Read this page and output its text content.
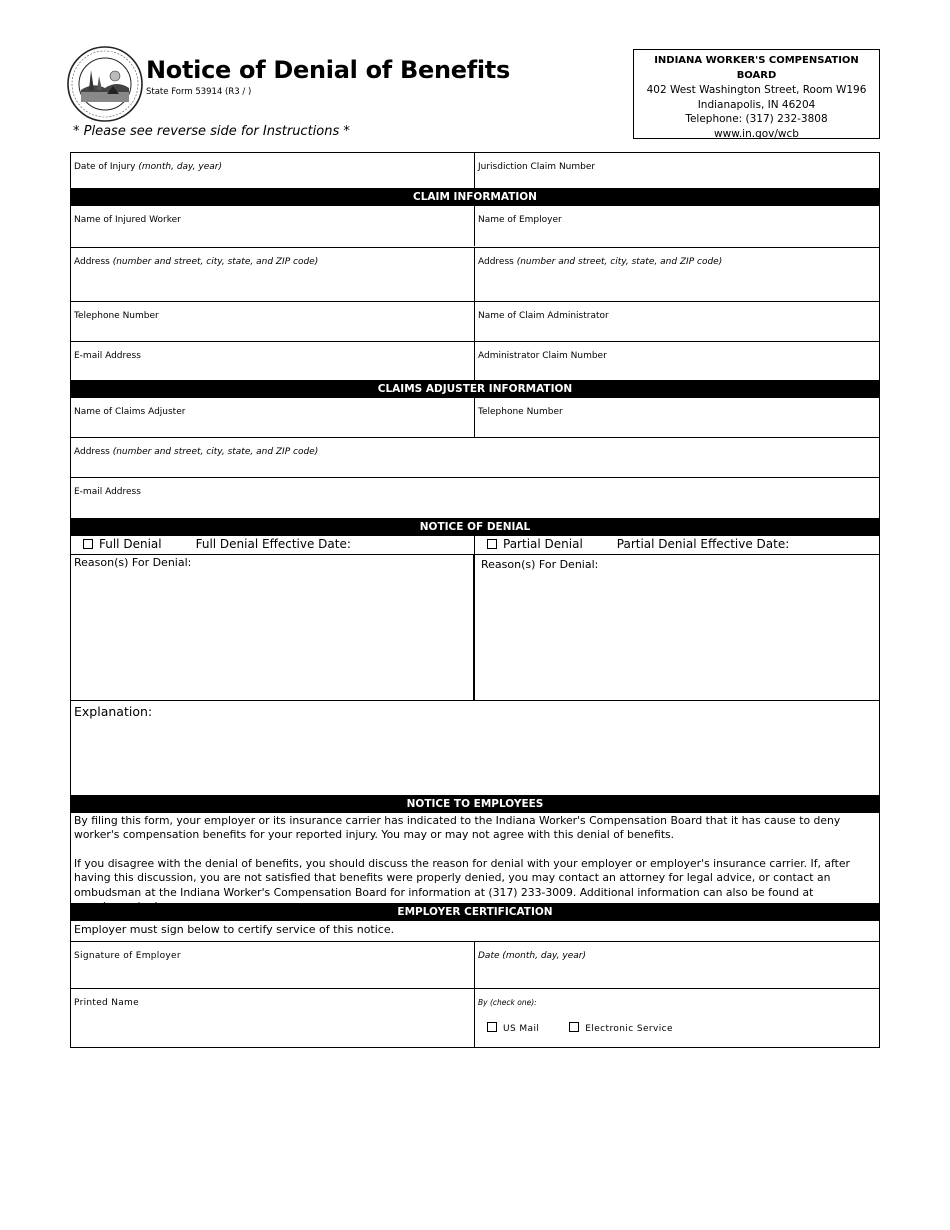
Notice of Denial of Benefits
State Form 53914 (R3 / )
* Please see reverse side for Instructions *
INDIANA WORKER'S COMPENSATION BOARD
402 West Washington Street, Room W196
Indianapolis, IN 46204
Telephone: (317) 232-3808
www.in.gov/wcb
Date of Injury (month, day, year)	Jurisdiction Claim Number
CLAIM INFORMATION
Name of Injured Worker	Name of Employer
Address (number and street, city, state, and ZIP code)	Address (number and street, city, state, and ZIP code)
Telephone Number	Name of Claim Administrator
E-mail Address	Administrator Claim Number
CLAIMS ADJUSTER INFORMATION
Name of Claims Adjuster	Telephone Number
Address (number and street, city, state, and ZIP code)
E-mail Address
NOTICE OF DENIAL
Full Denial	Full Denial Effective Date:	Partial Denial	Partial Denial Effective Date:
Reason(s) For Denial:	Reason(s) For Denial:
Explanation:
NOTICE TO EMPLOYEES

By filing this form, your employer or its insurance carrier has indicated to the Indiana Worker's Compensation Board that it has cause to deny worker's compensation benefits for your reported injury. You may or may not agree with this denial of benefits.

If you disagree with the denial of benefits, you should discuss the reason for denial with your employer or employer's insurance carrier. If, after having this discussion, you are not satisfied that benefits were properly denied, you may contact an attorney for legal advice, or contact an ombudsman at the Indiana Worker's Compensation Board for information at (317) 233-3009. Additional information can also be found at

EMPLOYER CERTIFICATION
Employer must sign below to certify service of this notice.
Signature of Employer	Date (month, day, year)
Printed Name	By (check one):
US Mail	Electronic Service
